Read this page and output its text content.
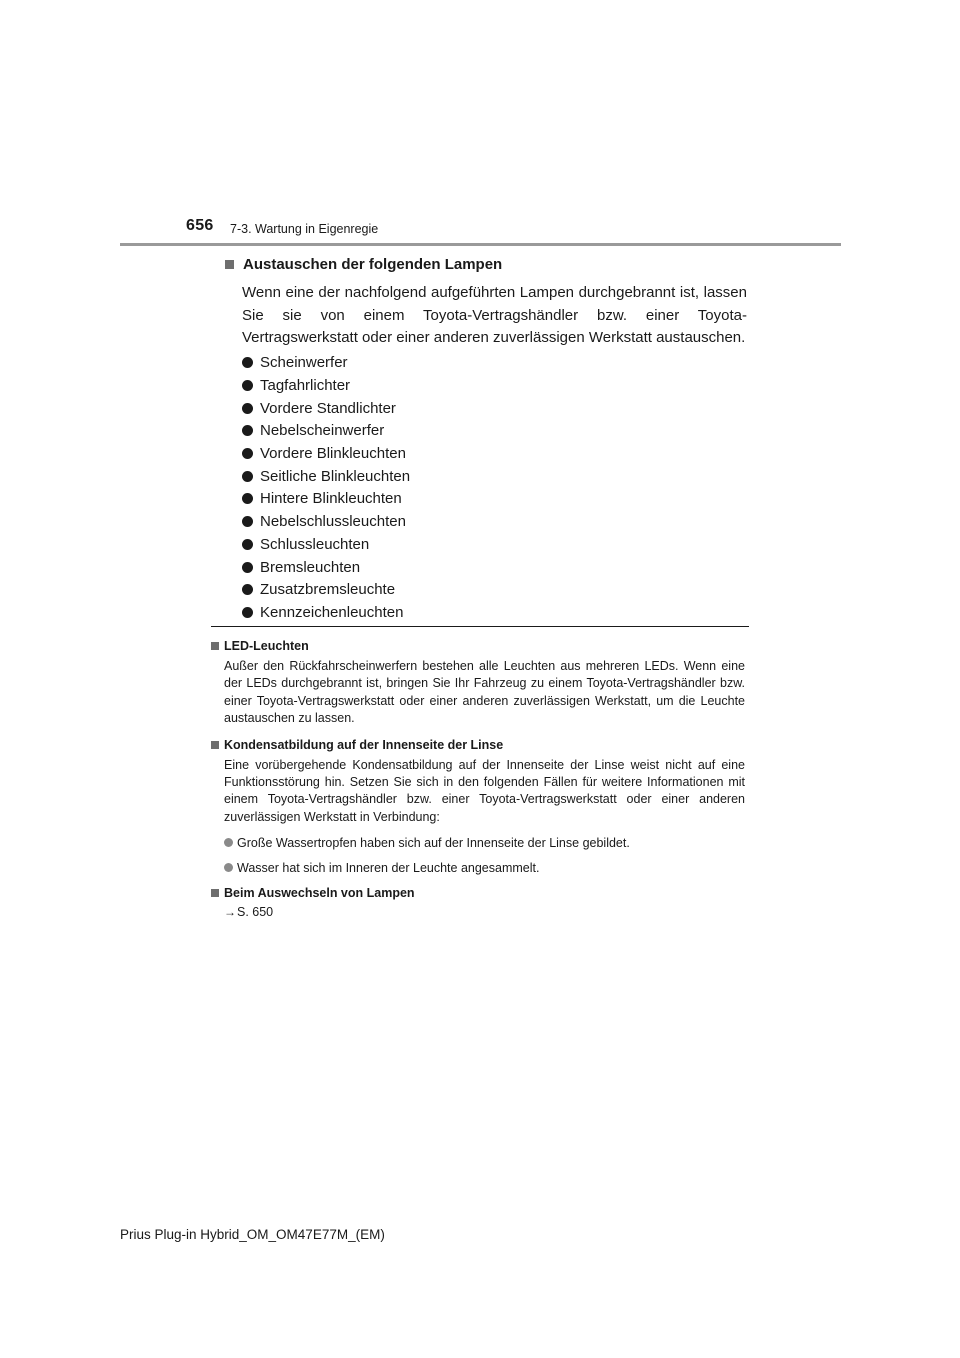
656 7-3. Wartung in Eigenregie
Austauschen der folgenden Lampen
Wenn eine der nachfolgend aufgeführten Lampen durchgebrannt ist, lassen Sie sie von einem Toyota-Vertragshändler bzw. einer Toyota-Vertragswerkstatt oder einer anderen zuverlässigen Werkstatt austauschen.
Scheinwerfer
Tagfahrlichter
Vordere Standlichter
Nebelscheinwerfer
Vordere Blinkleuchten
Seitliche Blinkleuchten
Hintere Blinkleuchten
Nebelschlussleuchten
Schlussleuchten
Bremsleuchten
Zusatzbremsleuchte
Kennzeichenleuchten
LED-Leuchten
Außer den Rückfahrscheinwerfern bestehen alle Leuchten aus mehreren LEDs. Wenn eine der LEDs durchgebrannt ist, bringen Sie Ihr Fahrzeug zu einem Toyota-Vertragshändler bzw. einer Toyota-Vertragswerkstatt oder einer anderen zuverlässigen Werkstatt, um die Leuchte austauschen zu lassen.
Kondensatbildung auf der Innenseite der Linse
Eine vorübergehende Kondensatbildung auf der Innenseite der Linse weist nicht auf eine Funktionsstörung hin. Setzen Sie sich in den folgenden Fällen für weitere Informationen mit einem Toyota-Vertragshändler bzw. einer Toyota-Vertragswerkstatt oder einer anderen zuverlässigen Werkstatt in Verbindung:
Große Wassertropfen haben sich auf der Innenseite der Linse gebildet.
Wasser hat sich im Inneren der Leuchte angesammelt.
Beim Auswechseln von Lampen
→ S. 650
Prius Plug-in Hybrid_OM_OM47E77M_(EM)
